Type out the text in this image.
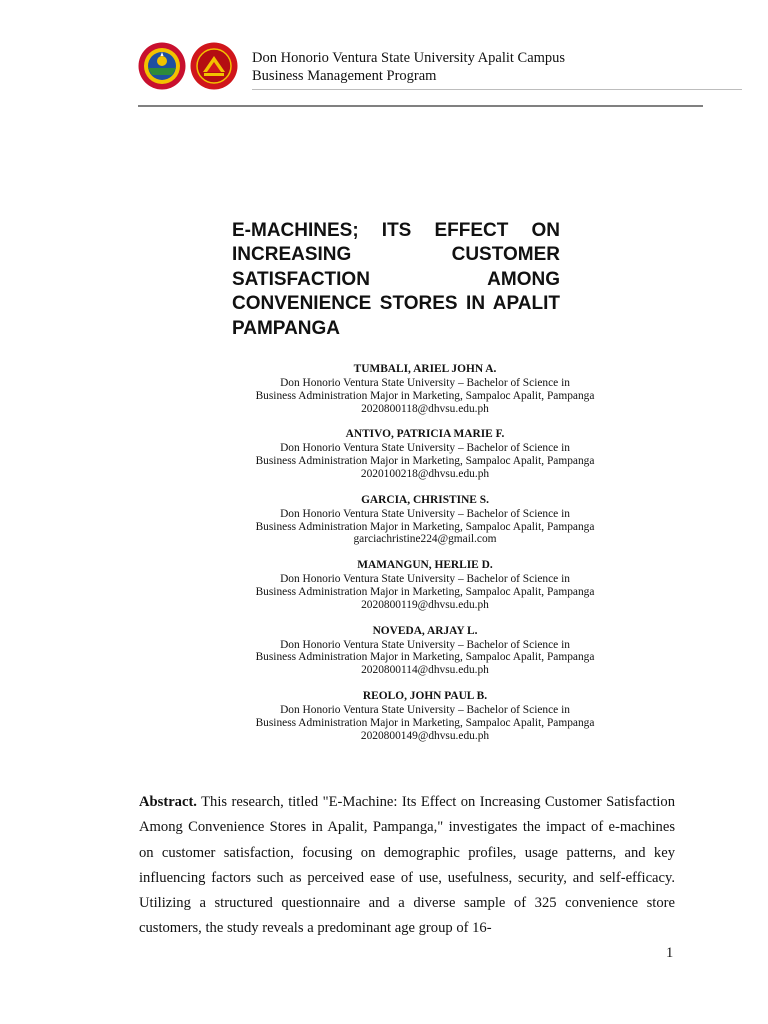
Don Honorio Ventura State University Apalit Campus
Business Management Program
E-MACHINES; ITS EFFECT ON INCREASING CUSTOMER SATISFACTION AMONG CONVENIENCE STORES IN APALIT PAMPANGA
TUMBALI, ARIEL JOHN A.
Don Honorio Ventura State University – Bachelor of Science in
Business Administration Major in Marketing, Sampaloc Apalit, Pampanga
2020800118@dhvsu.edu.ph
ANTIVO, PATRICIA MARIE F.
Don Honorio Ventura State University – Bachelor of Science in
Business Administration Major in Marketing, Sampaloc Apalit, Pampanga
2020100218@dhvsu.edu.ph
GARCIA, CHRISTINE S.
Don Honorio Ventura State University – Bachelor of Science in
Business Administration Major in Marketing, Sampaloc Apalit, Pampanga
garciachristine224@gmail.com
MAMANGUN, HERLIE D.
Don Honorio Ventura State University – Bachelor of Science in
Business Administration Major in Marketing, Sampaloc Apalit, Pampanga
2020800119@dhvsu.edu.ph
NOVEDA, ARJAY L.
Don Honorio Ventura State University – Bachelor of Science in
Business Administration Major in Marketing, Sampaloc Apalit, Pampanga
2020800114@dhvsu.edu.ph
REOLO, JOHN PAUL B.
Don Honorio Ventura State University – Bachelor of Science in
Business Administration Major in Marketing, Sampaloc Apalit, Pampanga
2020800149@dhvsu.edu.ph

Abstract. This research, titled "E-Machine: Its Effect on Increasing Customer Satisfaction Among Convenience Stores in Apalit, Pampanga," investigates the impact of e-machines on customer satisfaction, focusing on demographic profiles, usage patterns, and key influencing factors such as perceived ease of use, usefulness, security, and self-efficacy. Utilizing a structured questionnaire and a diverse sample of 325 convenience store customers, the study reveals a predominant age group of 16-

1
